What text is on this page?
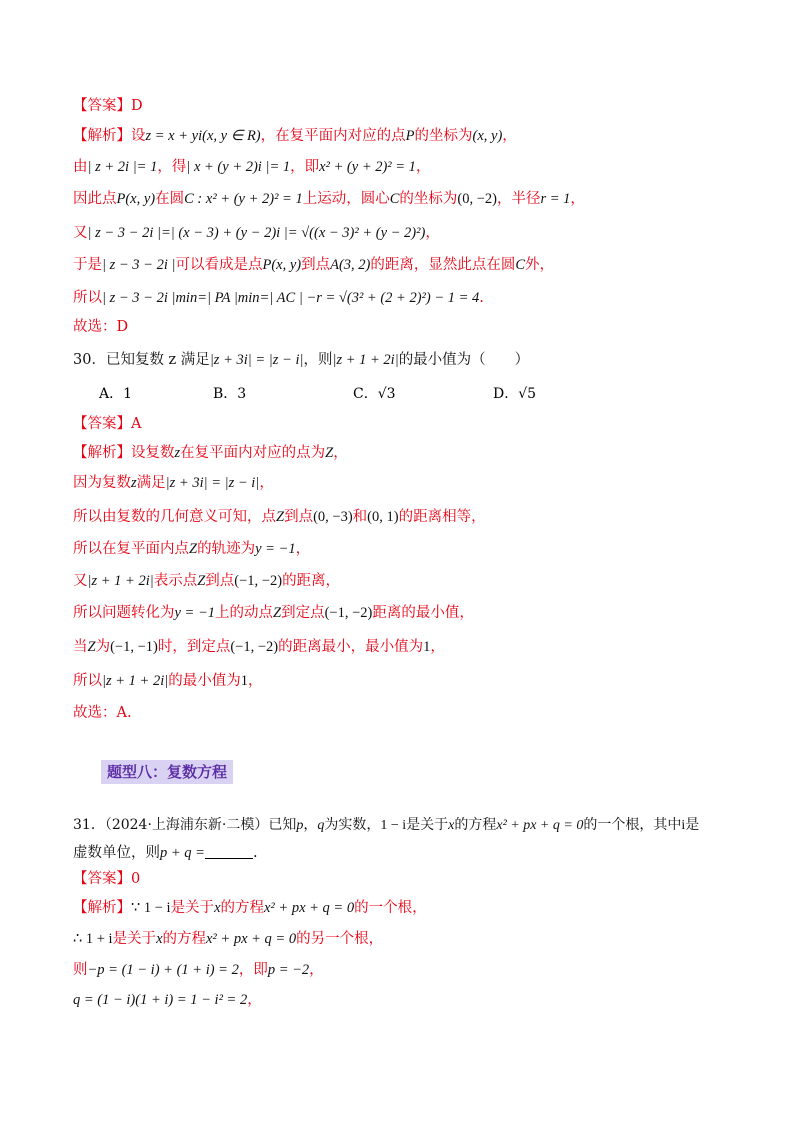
【答案】D
【解析】设z = x + yi(x, y ∈ R)，在复平面内对应的点P的坐标为(x, y)，
由| z + 2i |= 1，得| x + (y + 2)i |= 1，即x² + (y + 2)² = 1，
因此点P(x, y)在圆C : x² + (y + 2)² = 1上运动，圆心C的坐标为(0, −2)，半径r = 1，
又| z − 3 − 2i |=| (x − 3) + (y − 2)i |= √((x − 3)² + (y − 2)²)，
于是| z − 3 − 2i |可以看成是点P(x, y)到点A(3, 2)的距离，显然此点在圆C外，
所以| z − 3 − 2i |min=| PA |min=| AC | −r = √(3² + (2 + 2)²) − 1 = 4.
故选：D
30．已知复数 z 满足|z + 3i| = |z − i|，则|z + 1 + 2i|的最小值为（　　）
A．1	B．3	C．√3	D．√5
【答案】A
【解析】设复数z在复平面内对应的点为Z，
因为复数z满足|z + 3i| = |z − i|，
所以由复数的几何意义可知，点Z到点(0, −3)和(0, 1)的距离相等，
所以在复平面内点Z的轨迹为y = −1，
又|z + 1 + 2i|表示点Z到点(−1, −2)的距离，
所以问题转化为y = −1上的动点Z到定点(−1, −2)距离的最小值，
当Z为(−1, −1)时，到定点(−1, −2)的距离最小，最小值为1，
所以|z + 1 + 2i|的最小值为1，
故选：A.
题型八：复数方程
31．（2024·上海浦东新·二模）已知p，q为实数，1 − i是关于x的方程x² + px + q = 0的一个根，其中i是
虚数单位，则p + q =	.
【答案】0
【解析】∵ 1 − i是关于x的方程x² + px + q = 0的一个根，
∴ 1 + i是关于x的方程x² + px + q = 0的另一个根，
则−p = (1 − i) + (1 + i) = 2，即p = −2，
q = (1 − i)(1 + i) = 1 − i² = 2，
